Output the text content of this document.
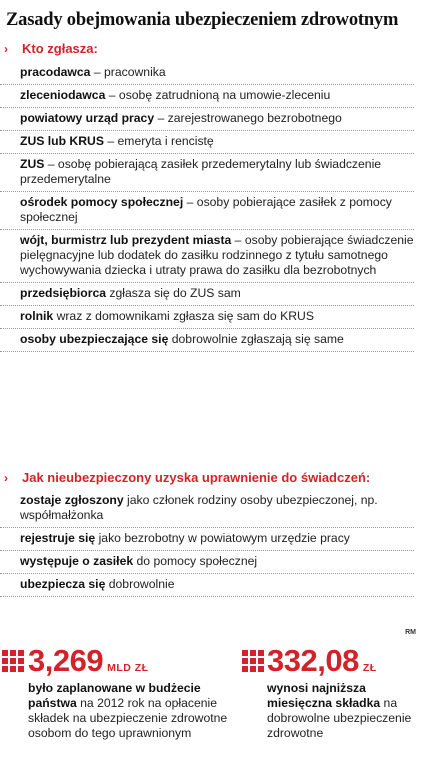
Zasady obejmowania ubezpieczeniem zdrowotnym
› Kto zgłasza:
pracodawca – pracownika
zleceniodawca – osobę zatrudnioną na umowie-zleceniu
powiatowy urząd pracy – zarejestrowanego bezrobotnego
ZUS lub KRUS – emeryta i rencistę
ZUS – osobę pobierającą zasiłek przedemerytalny lub świadczenie przedemerytalne
ośrodek pomocy społecznej – osoby pobierające zasiłek z pomocy społecznej
wójt, burmistrz lub prezydent miasta – osoby pobierające świadczenie pielęgnacyjne lub dodatek do zasiłku rodzinnego z tytułu samotnego wychowywania dziecka i utraty prawa do zasiłku dla bezrobotnych
przedsiębiorca zgłasza się do ZUS sam
rolnik wraz z domownikami zgłasza się sam do KRUS
osoby ubezpieczające się dobrowolnie zgłaszają się same
› Jak nieubezpieczony uzyska uprawnienie do świadczeń:
zostaje zgłoszony jako członek rodziny osoby ubezpieczonej, np. współmałżonka
rejestruje się jako bezrobotny w powiatowym urzędzie pracy
występuje o zasiłek do pomocy społecznej
ubezpiecza się dobrowolnie
RM
3,269 MLD ZŁ
było zaplanowane w budżecie państwa na 2012 rok na opłacenie składek na ubezpieczenie zdrowotne osobom do tego uprawnionym
332,08 ZŁ
wynosi najniższa miesięczna składka na dobrowolne ubezpieczenie zdrowotne
